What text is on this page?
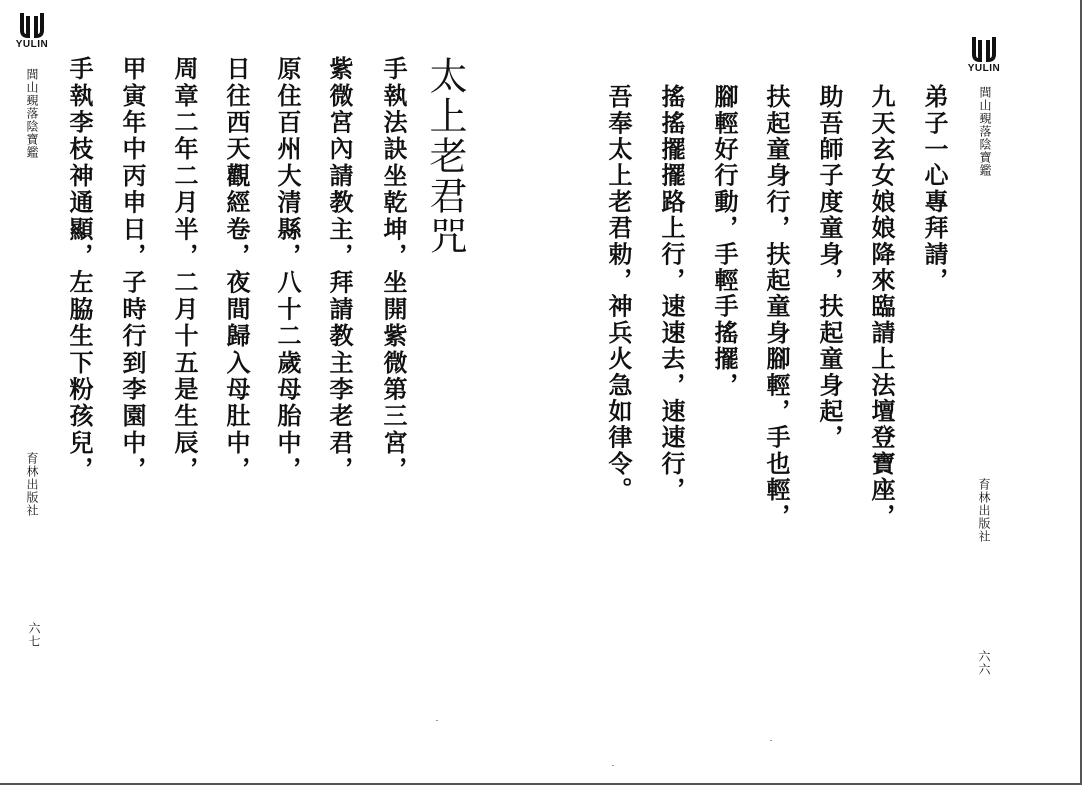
YULIN
閭山覡落陰寶鑑
育林出版社
六七
太上老君咒
手執法訣坐乾坤，坐開紫微第三宮，
紫微宮內請教主，拜請教主李老君，
原住百州大清縣，八十二歲母胎中，
日往西天觀經卷，夜間歸入母肚中，
周章二年二月半，二月十五是生辰，
甲寅年中丙申日，子時行到李園中，
手執李枝神通顯，左脇生下粉孩兒，	YULIN
閭山覡落陰寶鑑
育林出版社
六六
弟子一心專拜請，
九天玄女娘娘降來臨請上法壇登寶座，
助吾師子度童身，扶起童身起，
扶起童身行，扶起童身腳輕，手也輕，
腳輕好行動，手輕手搖擺，
搖搖擺擺路上行，速速去，速速行，
吾奉太上老君勅，神兵火急如律令。
